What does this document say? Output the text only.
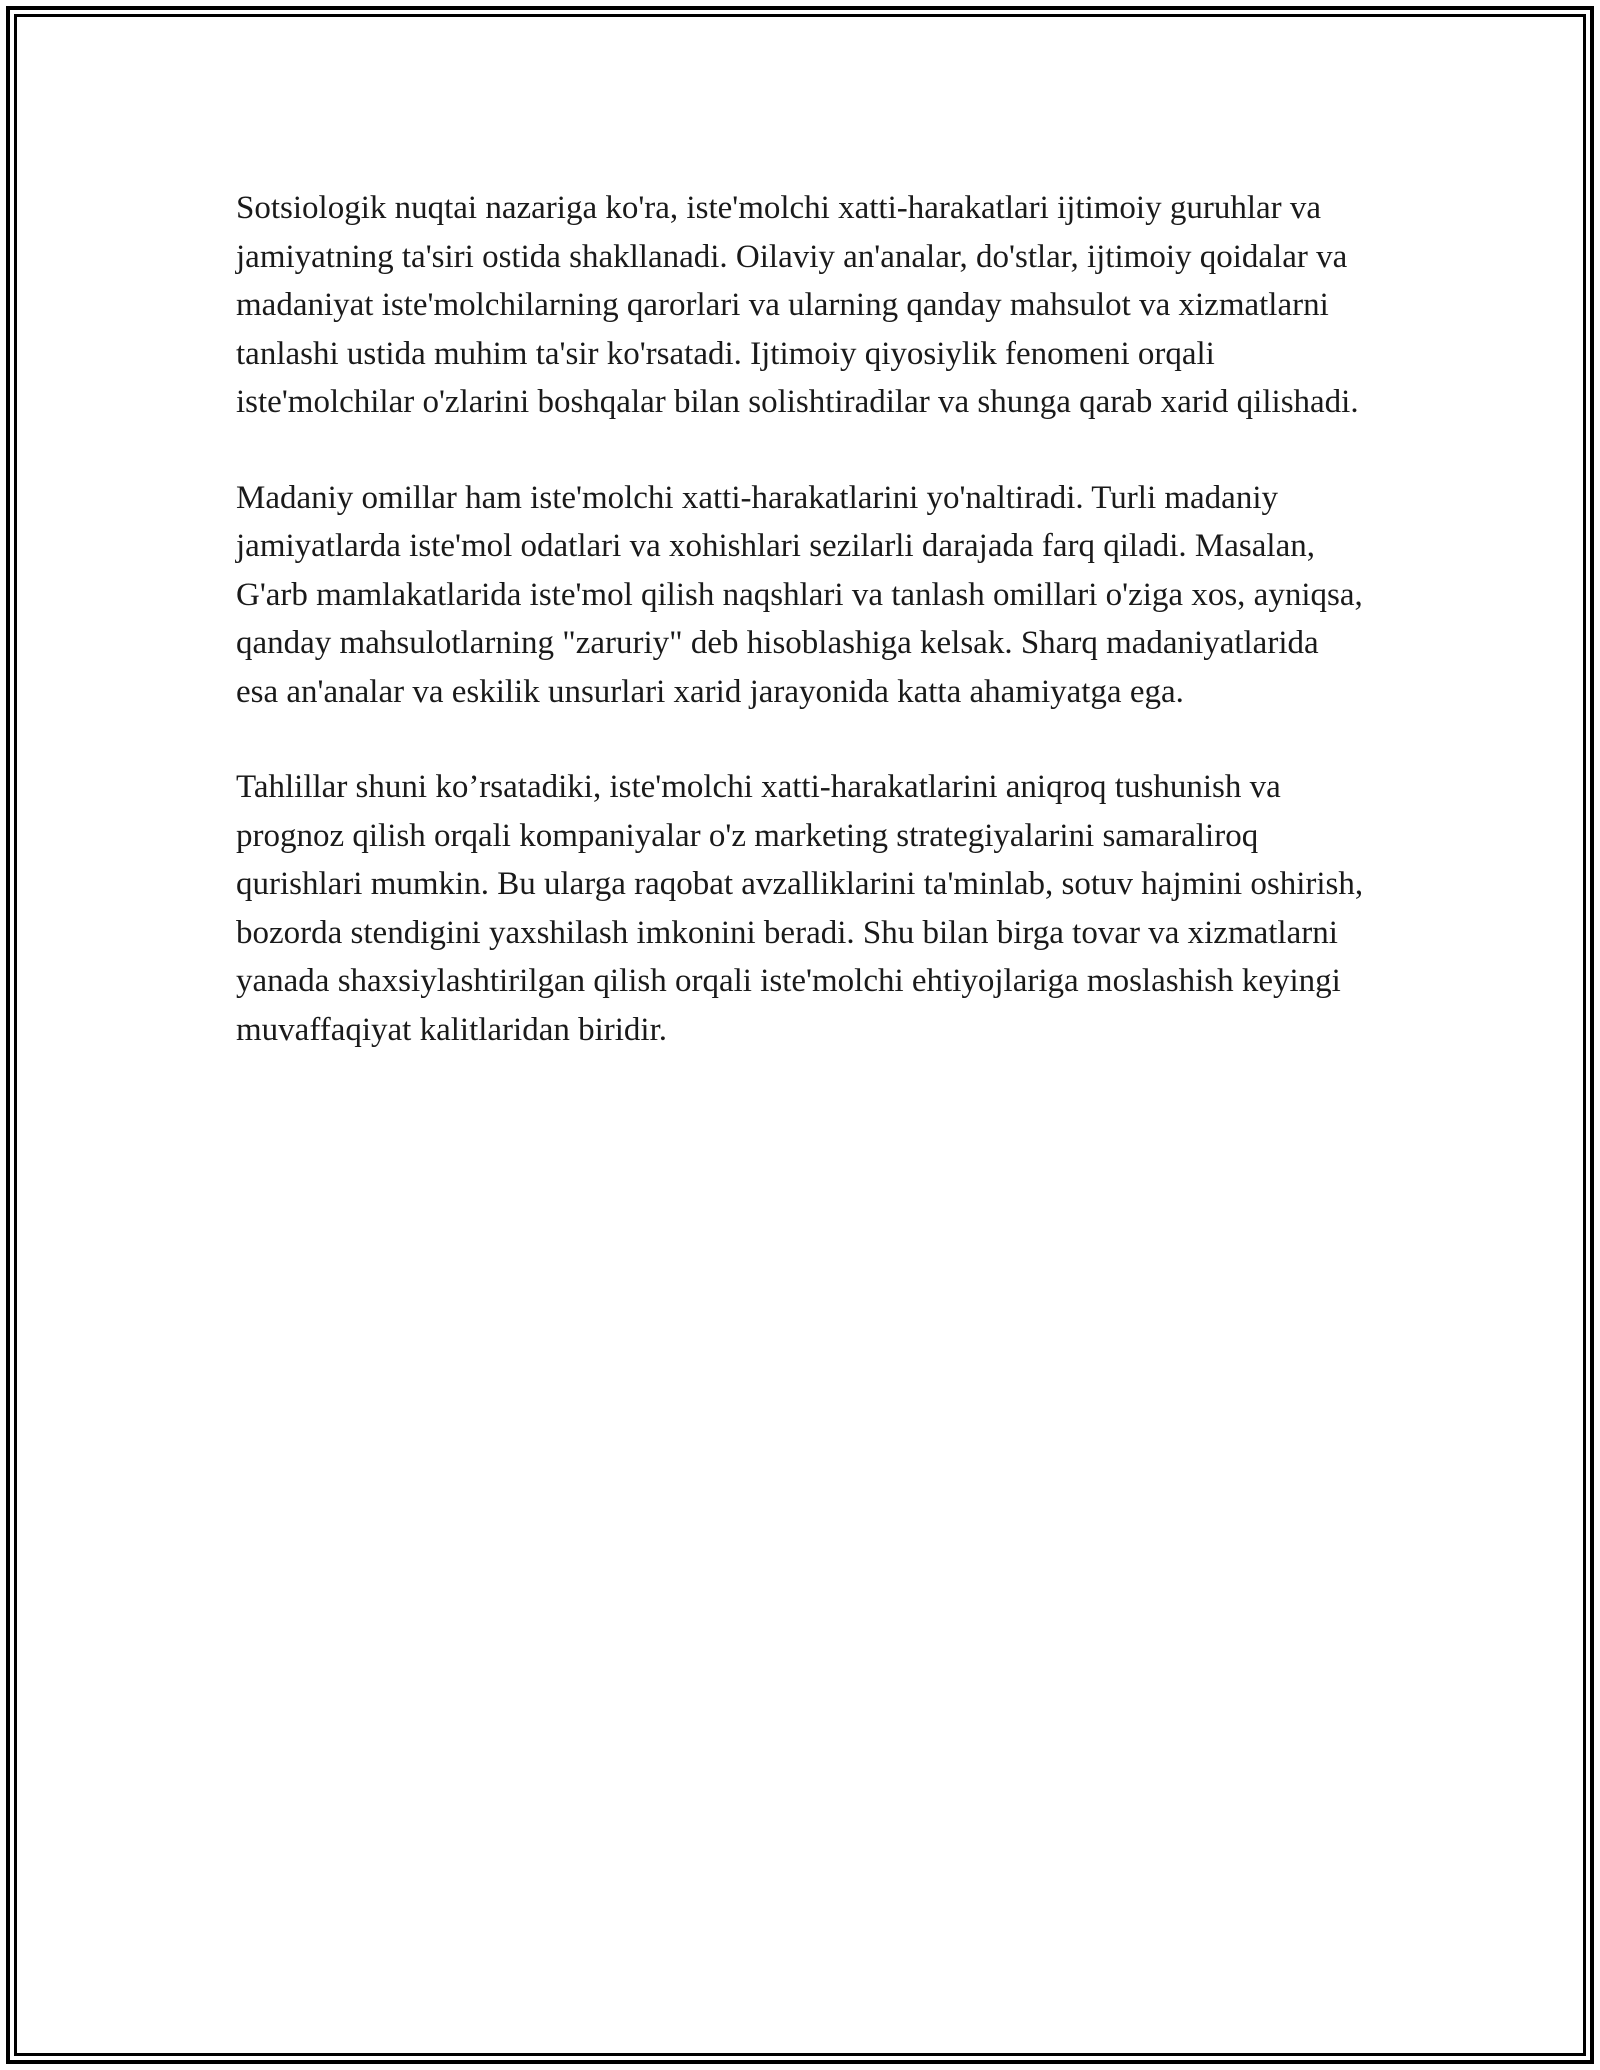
Sotsiologik nuqtai nazariga ko'ra, iste'molchi xatti-harakatlari ijtimoiy guruhlar va jamiyatning ta'siri ostida shakllanadi. Oilaviy an'analar, do'stlar, ijtimoiy qoidalar va madaniyat iste'molchilarning qarorlari va ularning qanday mahsulot va xizmatlarni tanlashi ustida muhim ta'sir ko'rsatadi. Ijtimoiy qiyosiylik fenomeni orqali iste'molchilar o'zlarini boshqalar bilan solishtiradilar va shunga qarab xarid qilishadi.

Madaniy omillar ham iste'molchi xatti-harakatlarini yo'naltiradi. Turli madaniy jamiyatlarda iste'mol odatlari va xohishlari sezilarli darajada farq qiladi. Masalan, G'arb mamlakatlarida iste'mol qilish naqshlari va tanlash omillari o'ziga xos, ayniqsa, qanday mahsulotlarning "zaruriy" deb hisoblashiga kelsak. Sharq madaniyatlarida esa an'analar va eskilik unsurlari xarid jarayonida katta ahamiyatga ega.

Tahlillar shuni ko’rsatadiki, iste'molchi xatti-harakatlarini aniqroq tushunish va prognoz qilish orqali kompaniyalar o'z marketing strategiyalarini samaraliroq qurishlari mumkin. Bu ularga raqobat avzalliklarini ta'minlab, sotuv hajmini oshirish, bozorda stendigini yaxshilash imkonini beradi. Shu bilan birga tovar va xizmatlarni yanada shaxsiylashtirilgan qilish orqali iste'molchi ehtiyojlariga moslashish keyingi muvaffaqiyat kalitlaridan biridir.
